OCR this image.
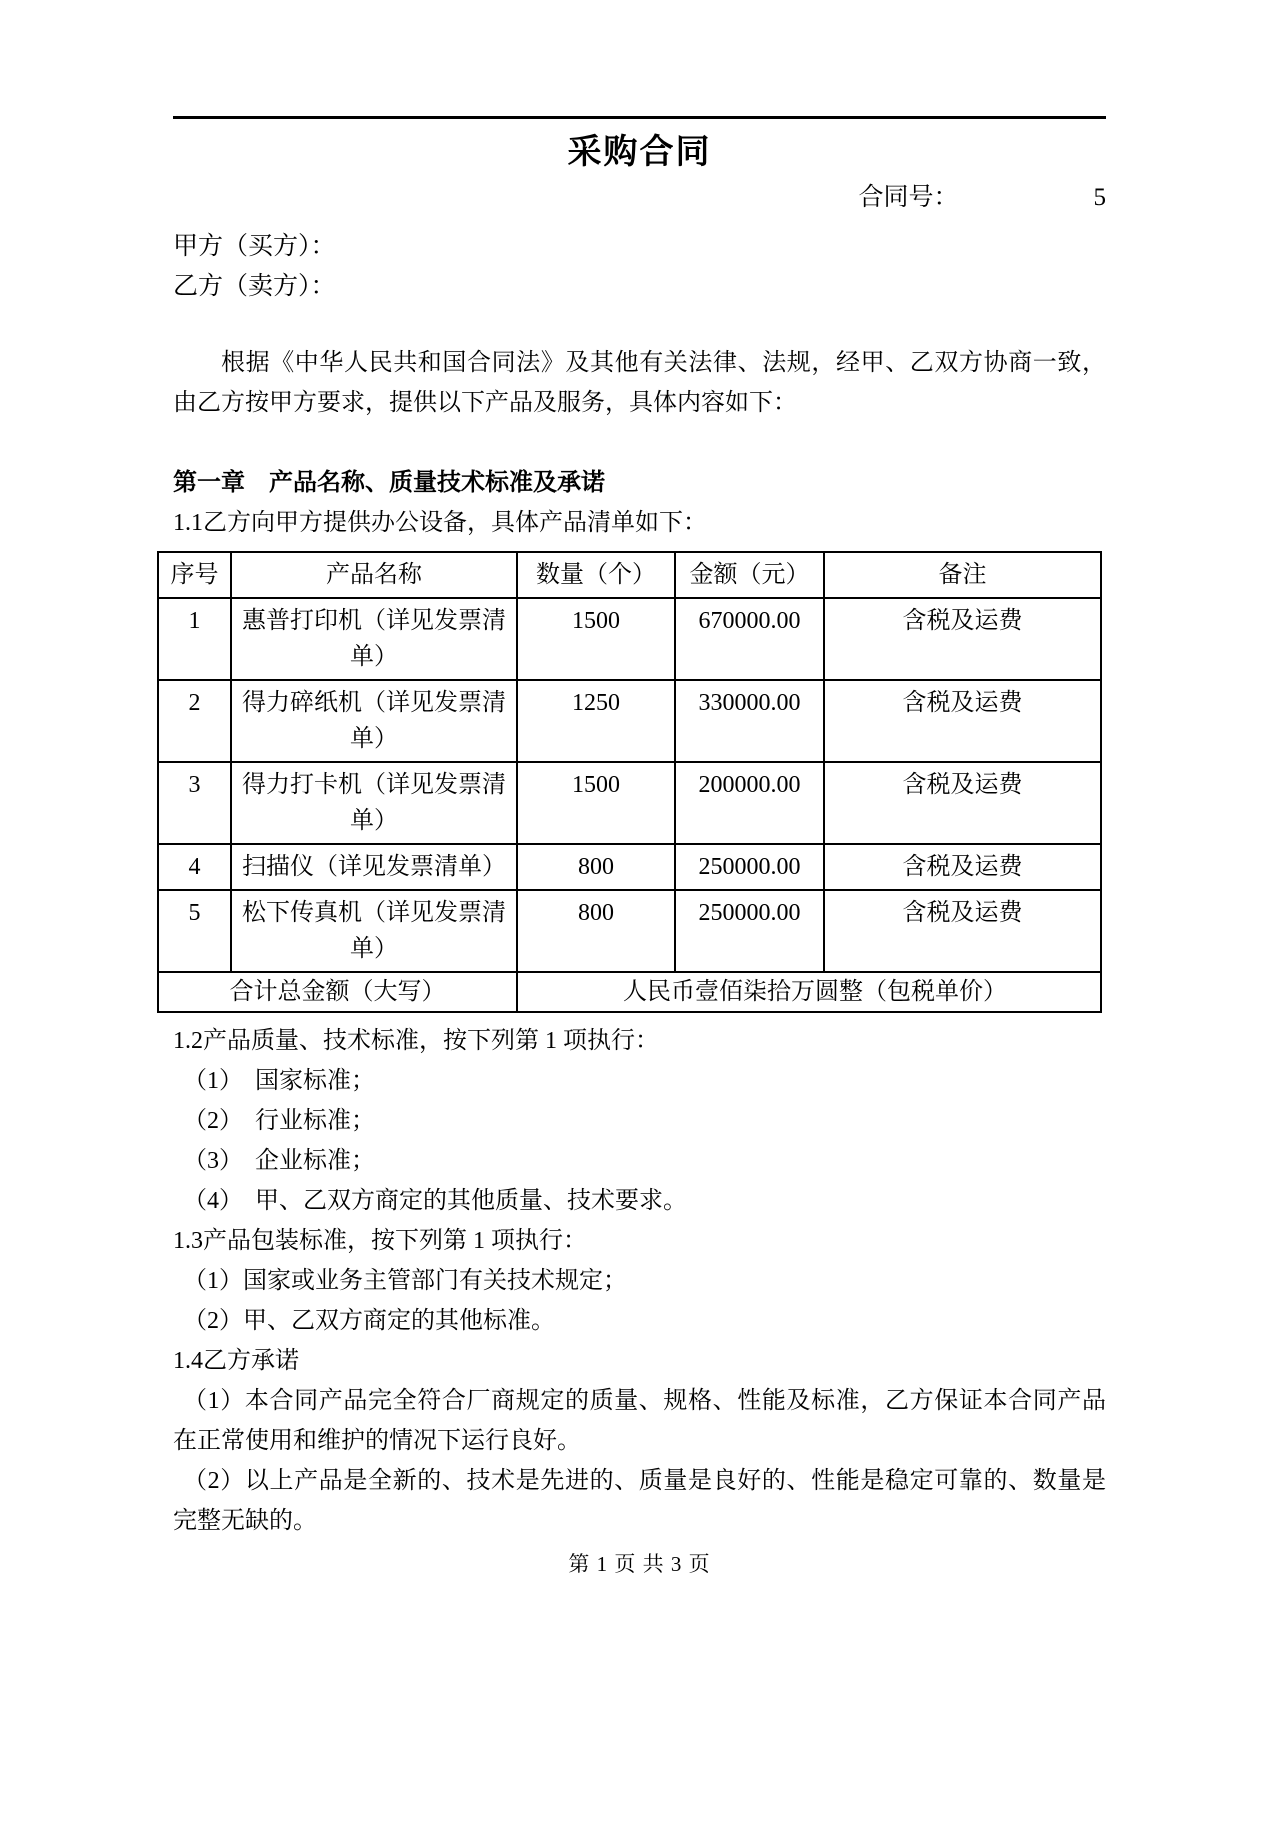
采购合同
合同号：	5
甲方（买方）：
乙方（卖方）：

根据《中华人民共和国合同法》及其他有关法律、法规，经甲、乙双方协商一致，由乙方按甲方要求，提供以下产品及服务，具体内容如下：

第一章　产品名称、质量技术标准及承诺
1.1乙方向甲方提供办公设备，具体产品清单如下：
序号	产品名称	数量（个）	金额（元）	备注
1	惠普打印机（详见发票清单）	1500	670000.00	含税及运费
2	得力碎纸机（详见发票清单）	1250	330000.00	含税及运费
3	得力打卡机（详见发票清单）	1500	200000.00	含税及运费
4	扫描仪（详见发票清单）	800	250000.00	含税及运费
5	松下传真机（详见发票清单）	800	250000.00	含税及运费
合计总金额（大写）		人民币壹佰柒拾万圆整（包税单价）		
1.2产品质量、技术标准，按下列第 1 项执行：
（1）　国家标准；
（2）　行业标准；
（3）　企业标准；
（4）　甲、乙双方商定的其他质量、技术要求。
1.3产品包装标准，按下列第 1 项执行：
（1）国家或业务主管部门有关技术规定；
（2）甲、乙双方商定的其他标准。
1.4乙方承诺
（1）本合同产品完全符合厂商规定的质量、规格、性能及标准，乙方保证本合同产品在正常使用和维护的情况下运行良好。
（2）以上产品是全新的、技术是先进的、质量是良好的、性能是稳定可靠的、数量是完整无缺的。
第 1 页 共 3 页
